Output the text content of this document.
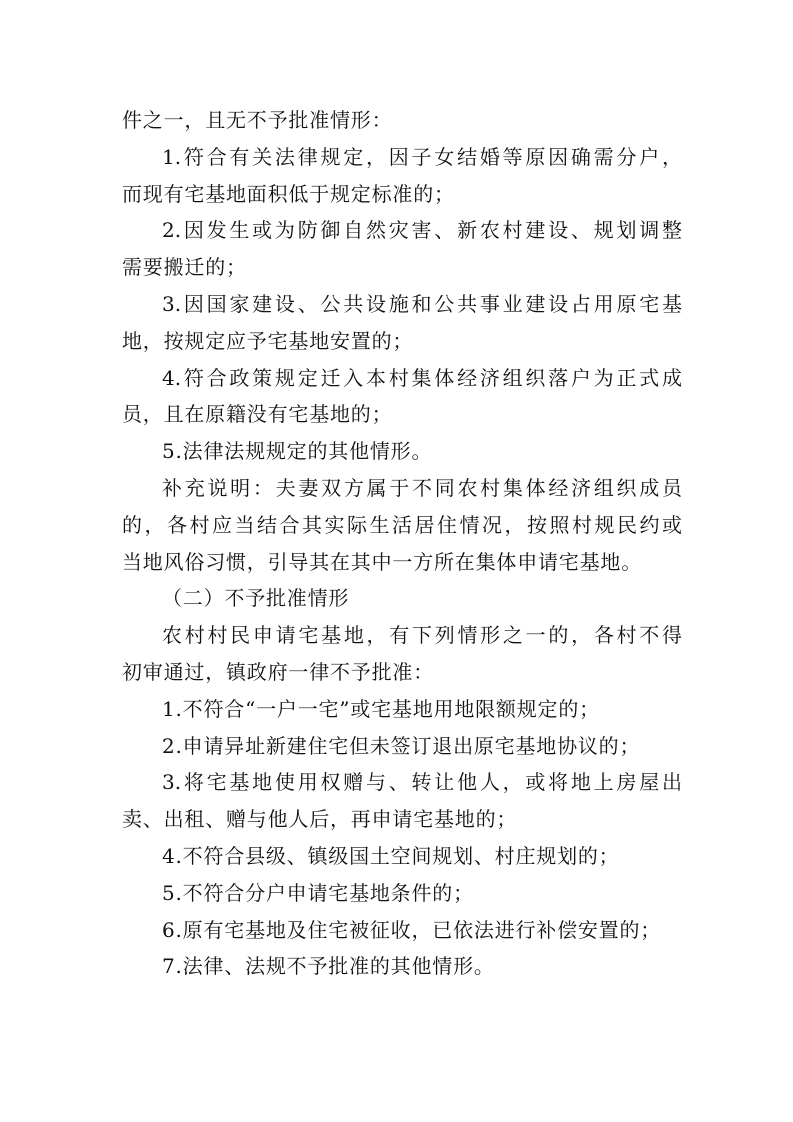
件之一，且无不予批准情形：
1.符合有关法律规定，因子女结婚等原因确需分户，
而现有宅基地面积低于规定标准的；
2.因发生或为防御自然灾害、新农村建设、规划调整
需要搬迁的；
3.因国家建设、公共设施和公共事业建设占用原宅基
地，按规定应予宅基地安置的；
4.符合政策规定迁入本村集体经济组织落户为正式成
员，且在原籍没有宅基地的；
5.法律法规规定的其他情形。
补充说明：夫妻双方属于不同农村集体经济组织成员
的，各村应当结合其实际生活居住情况，按照村规民约或
当地风俗习惯，引导其在其中一方所在集体申请宅基地。
（二）不予批准情形
农村村民申请宅基地，有下列情形之一的，各村不得
初审通过，镇政府一律不予批准：
1.不符合“一户一宅”或宅基地用地限额规定的；
2.申请异址新建住宅但未签订退出原宅基地协议的；
3.将宅基地使用权赠与、转让他人，或将地上房屋出
卖、出租、赠与他人后，再申请宅基地的；
4.不符合县级、镇级国土空间规划、村庄规划的；
5.不符合分户申请宅基地条件的；
6.原有宅基地及住宅被征收，已依法进行补偿安置的；
7.法律、法规不予批准的其他情形。
